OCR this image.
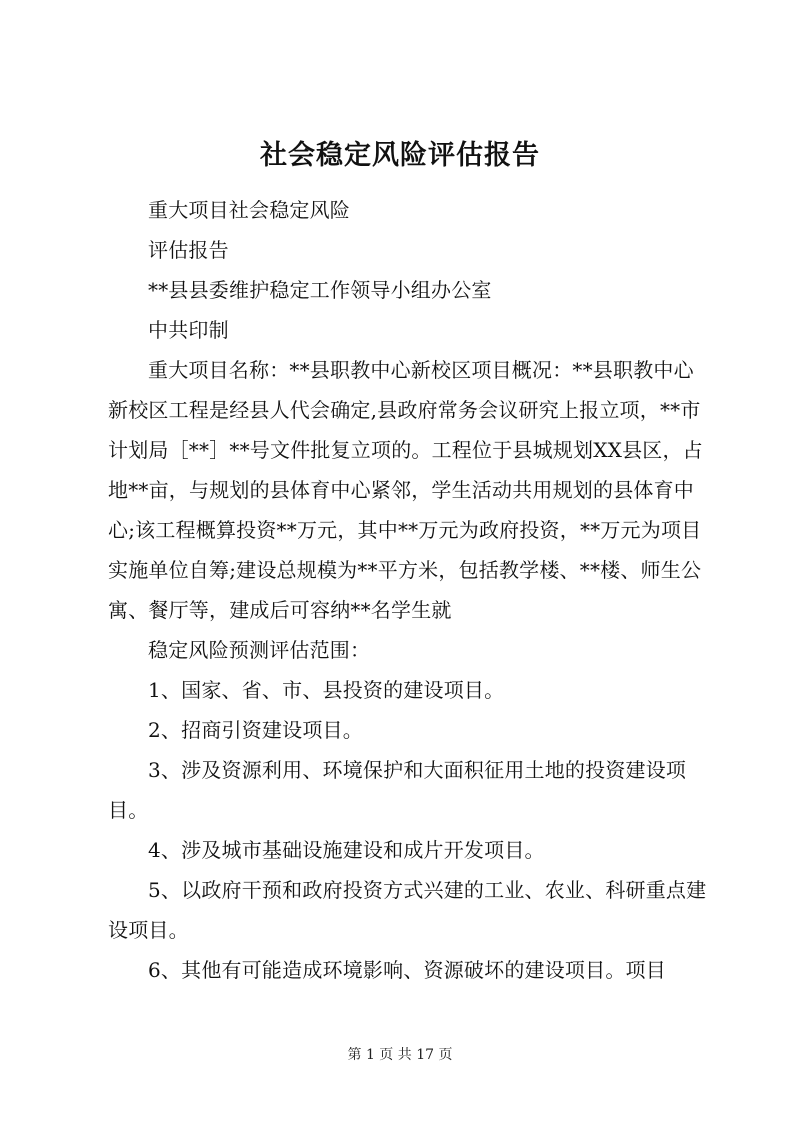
社会稳定风险评估报告

重大项目社会稳定风险

评估报告

**县县委维护稳定工作领导小组办公室

中共印制

重大项目名称：**县职教中心新校区项目概况：**县职教中心新校区工程是经县人代会确定,县政府常务会议研究上报立项，**市计划局［**］**号文件批复立项的。工程位于县城规划XX县区，占地**亩，与规划的县体育中心紧邻，学生活动共用规划的县体育中心;该工程概算投资**万元，其中**万元为政府投资，**万元为项目实施单位自筹;建设总规模为**平方米，包括教学楼、**楼、师生公寓、餐厅等，建成后可容纳**名学生就

稳定风险预测评估范围：

1、国家、省、市、县投资的建设项目。

2、招商引资建设项目。

3、涉及资源利用、环境保护和大面积征用土地的投资建设项目。

4、涉及城市基础设施建设和成片开发项目。

5、以政府干预和政府投资方式兴建的工业、农业、科研重点建设项目。

6、其他有可能造成环境影响、资源破坏的建设项目。项目

第 1 页 共 17 页
